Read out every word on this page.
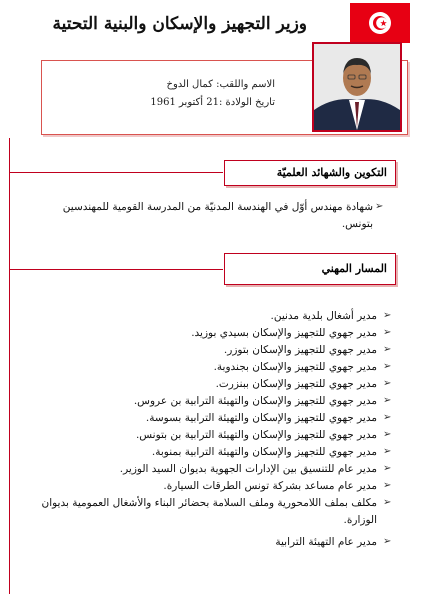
وزير التجهيز والإسكان والبنية التحتية
الاسم واللقب: كمال الدوخ
تاريخ الولادة :21 أكتوبر 1961
التكوين والشهائد العلميّة
➢
شهادة مهندس أوّل في الهندسة المدنيّة من المدرسة القومية للمهندسين بتونس.
المسار المهني
➢
مدير أشغال بلدية مدنين.
➢
مدير جهوي للتجهيز والإسكان بسيدي بوزيد.
➢
مدير جهوي للتجهيز والإسكان بتوزر.
➢
مدير جهوي للتجهيز والإسكان بجندوبة.
➢
مدير جهوي للتجهيز والإسكان ببنزرت.
➢
مدير جهوي للتجهيز والإسكان والتهيئة الترابية بن عروس.
➢
مدير جهوي للتجهيز والإسكان والتهيئة الترابية بسوسة.
➢
مدير جهوي للتجهيز والإسكان والتهيئة الترابية بن بتونس.
➢
مدير جهوي للتجهيز والإسكان والتهيئة الترابية بمنوبة.
➢
مدير عام للتنسيق بين الإدارات الجهوية بديوان السيد الوزير.
➢
مدير عام مساعد بشركة تونس الطرقات السيارة.
➢
مكلف بملف اللامحورية وملف السلامة بحضائر البناء والأشغال العمومية بديوان الوزارة.
➢
مدير عام التهيئة الترابية
